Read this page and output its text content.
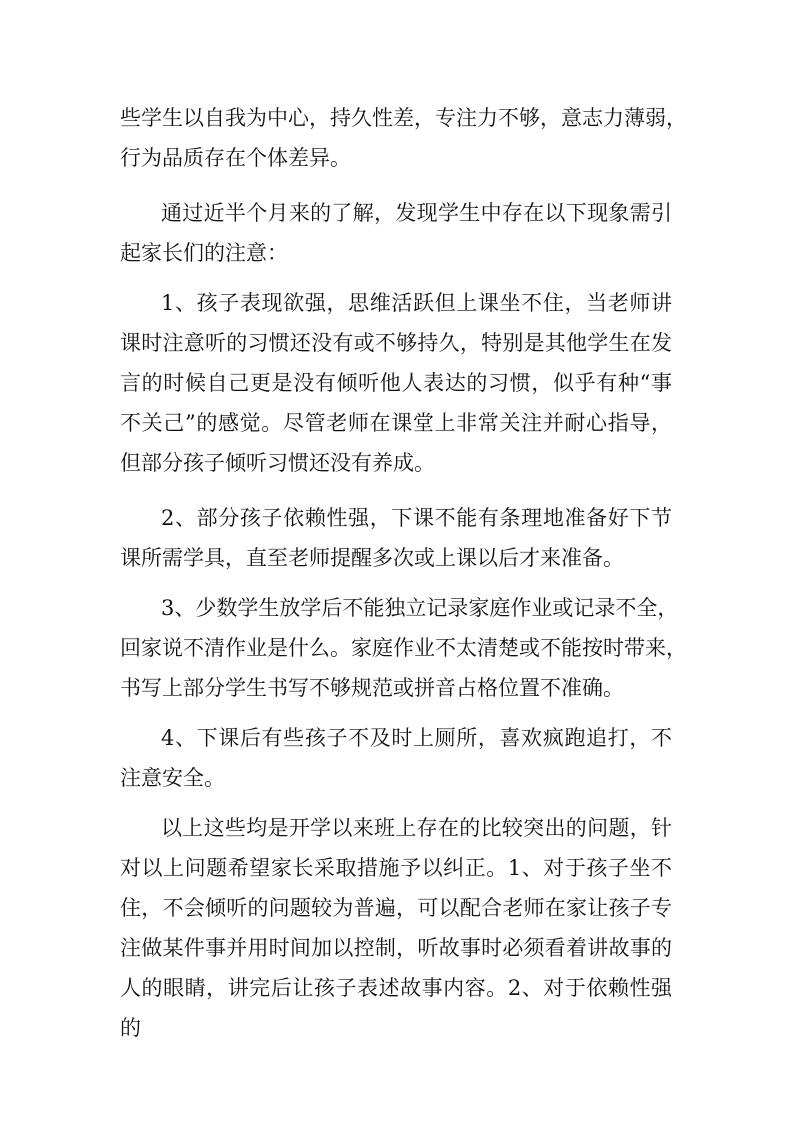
些学生以自我为中心，持久性差，专注力不够，意志力薄弱，
行为品质存在个体差异。
通过近半个月来的了解，发现学生中存在以下现象需引
起家长们的注意：
1、孩子表现欲强，思维活跃但上课坐不住，当老师讲
课时注意听的习惯还没有或不够持久，特别是其他学生在发
言的时候自己更是没有倾听他人表达的习惯，似乎有种“事
不关己”的感觉。尽管老师在课堂上非常关注并耐心指导，
但部分孩子倾听习惯还没有养成。
2、部分孩子依赖性强，下课不能有条理地准备好下节
课所需学具，直至老师提醒多次或上课以后才来准备。
3、少数学生放学后不能独立记录家庭作业或记录不全，
回家说不清作业是什么。家庭作业不太清楚或不能按时带来，
书写上部分学生书写不够规范或拼音占格位置不准确。
4、下课后有些孩子不及时上厕所，喜欢疯跑追打，不
注意安全。
以上这些均是开学以来班上存在的比较突出的问题，针
对以上问题希望家长采取措施予以纠正。1、对于孩子坐不
住，不会倾听的问题较为普遍，可以配合老师在家让孩子专
注做某件事并用时间加以控制，听故事时必须看着讲故事的
人的眼睛，讲完后让孩子表述故事内容。2、对于依赖性强
的
